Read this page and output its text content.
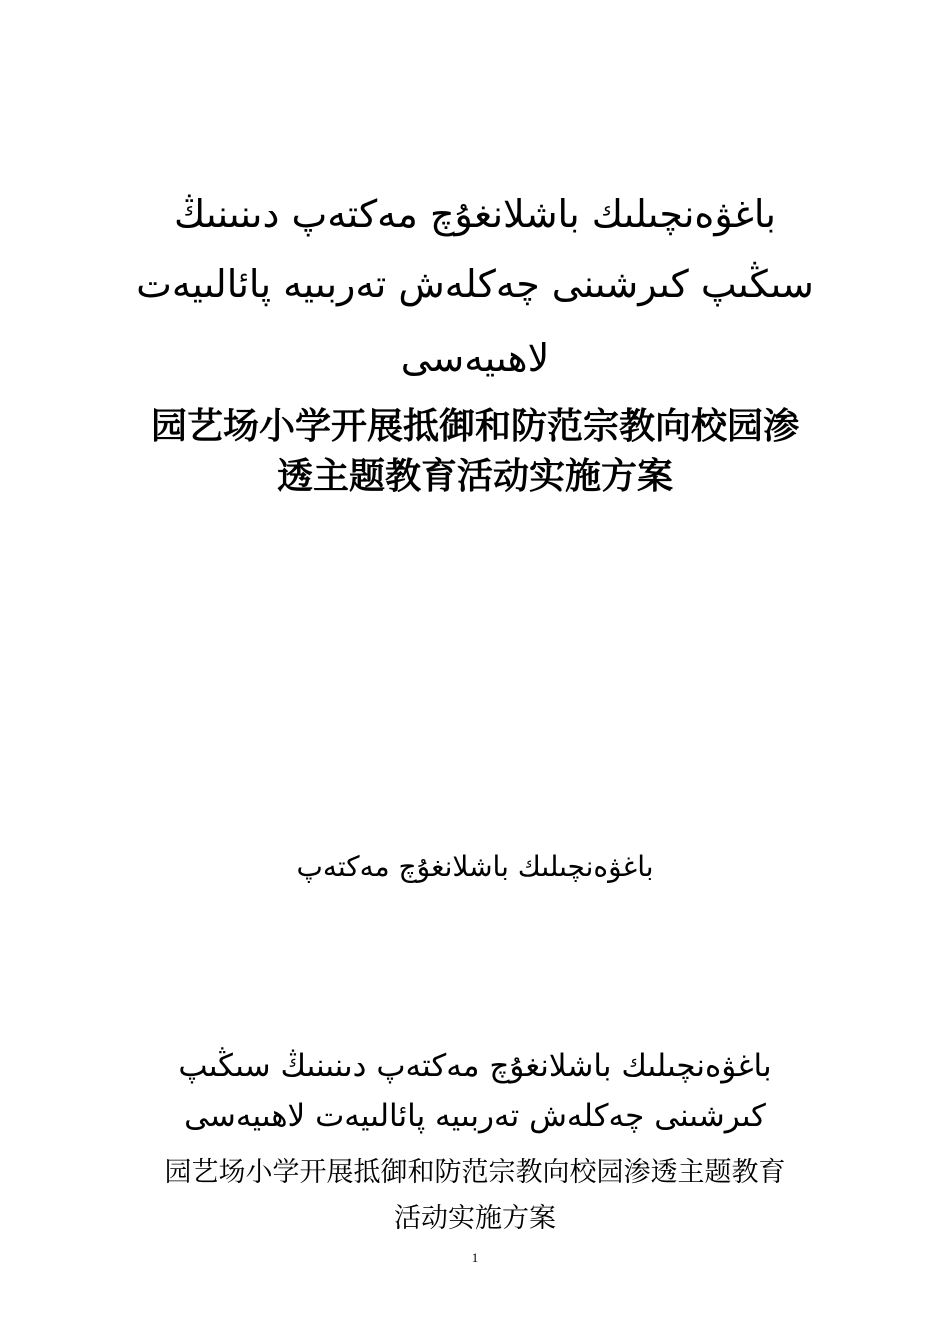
باغۋەنچىلىك باشلانغۇچ مەكتەپ دىنىنىڭ
سىڭىپ كىرشىنى چەكلەش تەربىيە پائالىيەت
لاھىيەسى
园艺场小学开展抵御和防范宗教向校园渗
透主题教育活动实施方案
باغۋەنچىلىك باشلانغۇچ مەكتەپ
باغۋەنچىلىك باشلانغۇچ مەكتەپ دىنىنىڭ سىڭىپ
كىرشىنى چەكلەش تەربىيە پائالىيەت لاھىيەسى
园艺场小学开展抵御和防范宗教向校园渗透主题教育
活动实施方案
1
